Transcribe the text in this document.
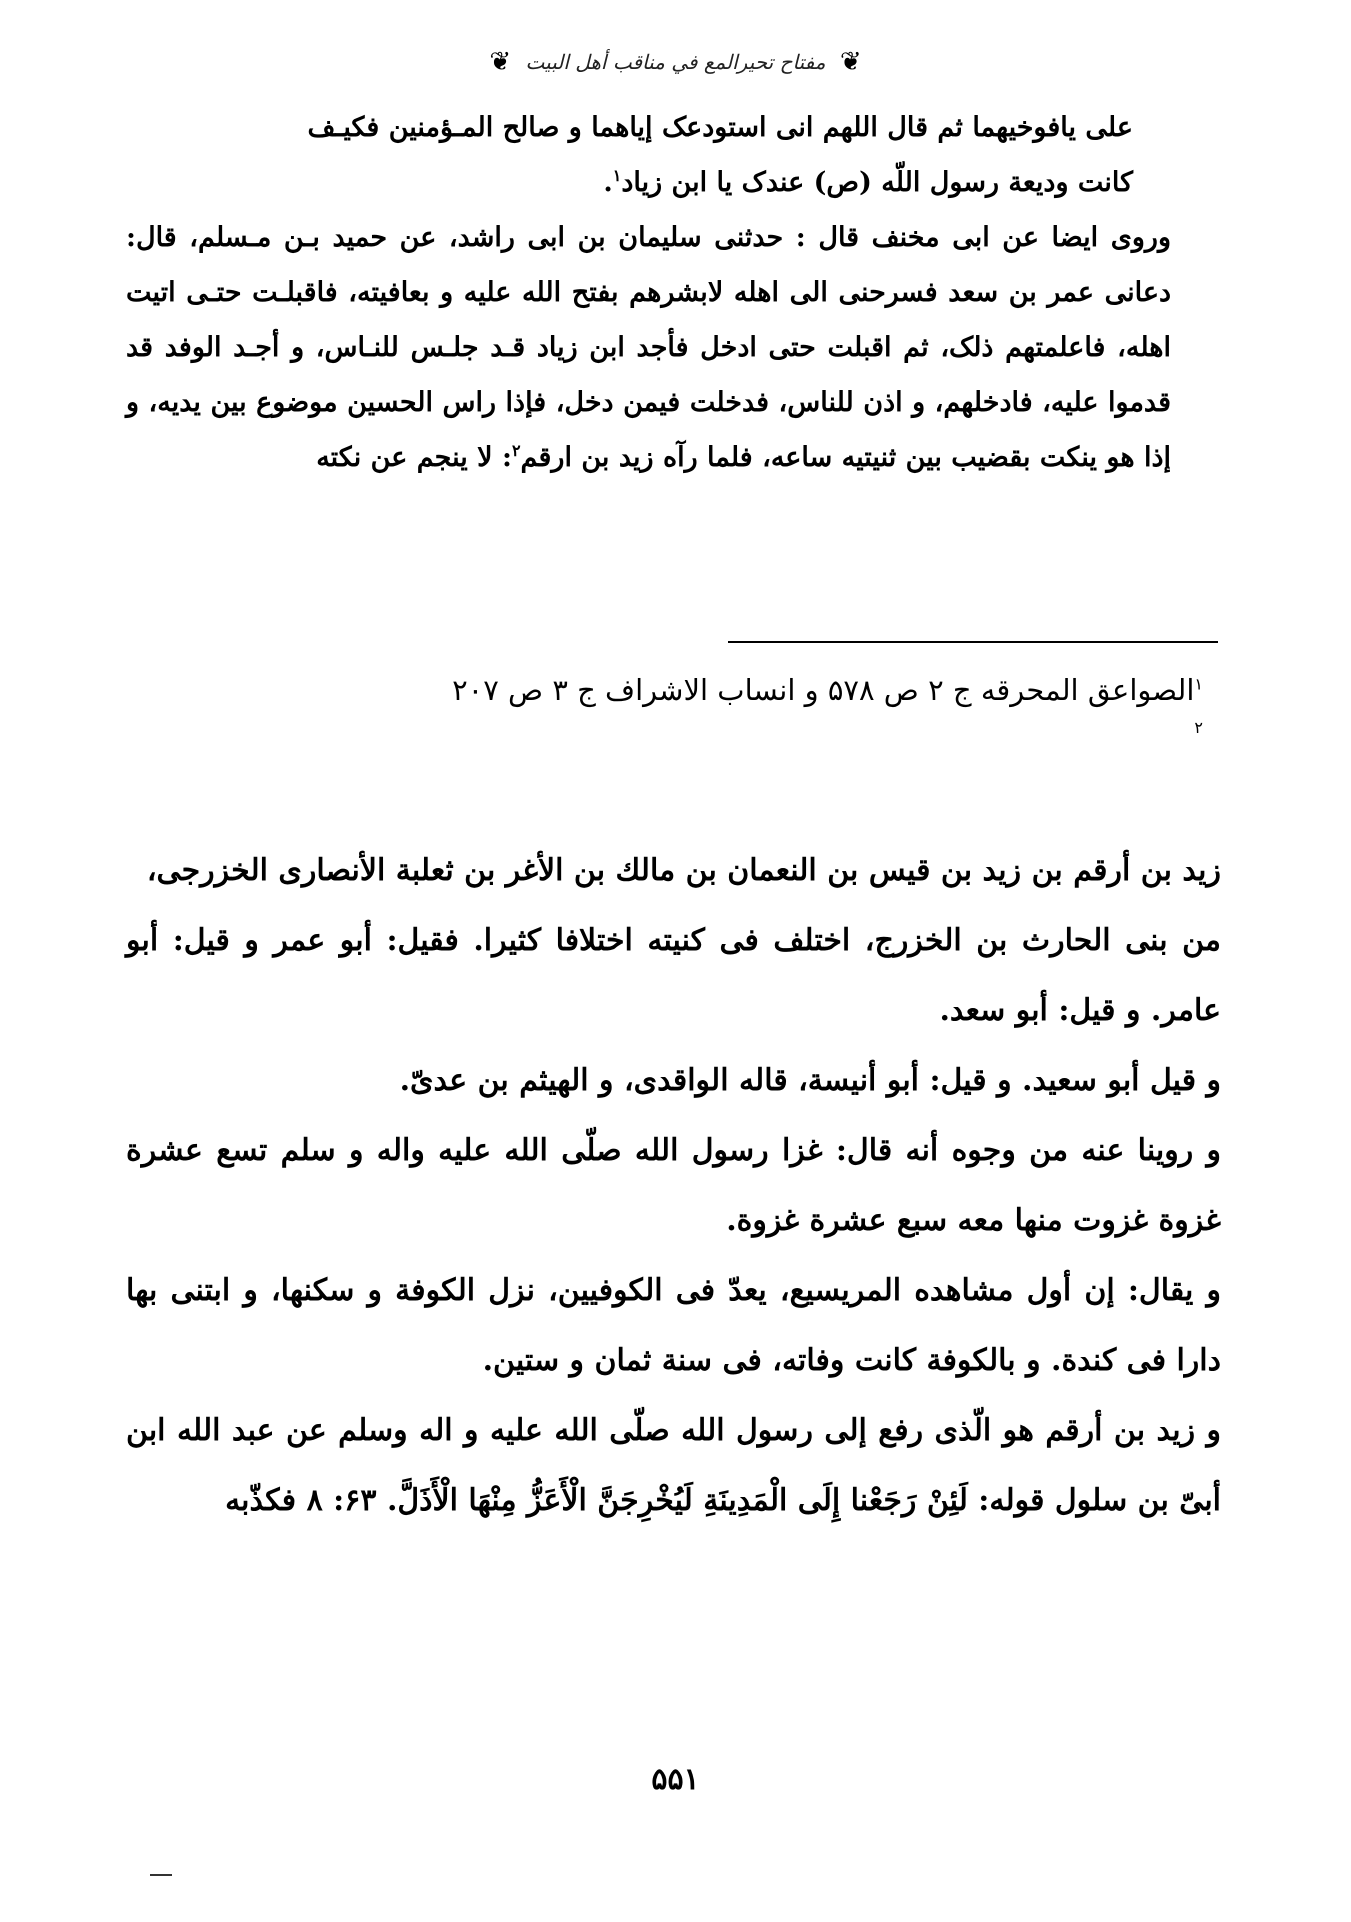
❦ مفتاح تحيرالمع في مناقب أهل البيت ❦

على يافوخيهما ثم قال اللهم انى استودعک إیاهما و صالح المـؤمنين فكيـف
كانت وديعة رسول اللّه (ص) عندک یا ابن زیاد$^۱$.

وروی ایضا عن ابی مخنف قال : حدثنى سليمان بن ابی راشد، عن حميد بـن مـسلم، قال: دعانی عمر بن سعد فسرحنى الى اهله لابشرهم بفتح الله عليه و بعافيته، فاقبلـت حتـى اتيت اهله، فاعلمتهم ذلک، ثم اقبلت حتى ادخل فأجد ابن زياد قـد جلـس للنـاس، و أجـد الوفد قد قدموا عليه، فادخلهم، و اذن للناس، فدخلت فيمن دخل، فإذا راس الحسين موضوع بين يديه، و إذا هو ينكت بقضيب بين ثنيتيه ساعه، فلما رآه زيد بن ارقم$^۲$: لا ينجم عن نكته

$^۱$الصواعق المحرقه ج ۲ ص ۵۷۸ و انساب الاشراف ج ۳ ص ۲۰۷
۲

زيد بن أرقم بن زيد بن قيس بن النعمان بن مالك بن الأغر بن ثعلبة الأنصارى الخزرجى،

من بنى الحارث بن الخزرج، اختلف فى كنيته اختلافا كثيرا. فقيل: أبو عمر و قيل: أبو عامر. و قيل: أبو سعد.

و قيل أبو سعيد. و قيل: أبو أنيسة، قاله الواقدى، و الهيثم بن عدىّ.

و روينا عنه من وجوه أنه قال: غزا رسول الله صلّى الله عليه واله و سلم تسع عشرة غزوة غزوت منها معه سبع عشرة غزوة.

و يقال: إن أول مشاهده المريسيع، يعدّ فى الكوفيين، نزل الكوفة و سكنها، و ابتنى بها دارا فى كندة. و بالكوفة كانت وفاته، فى سنة ثمان و ستين.

و زيد بن أرقم هو الّذى رفع إلى رسول الله صلّى الله عليه و اله وسلم عن عبد الله ابن أبىّ بن سلول قوله: لَئِنْ رَجَعْنا إِلَى الْمَدِينَةِ لَيُخْرِجَنَّ الْأَعَزُّ مِنْهَا الْأَذَلَّ. ۶۳: ۸ فكذّبه

۵۵۱
